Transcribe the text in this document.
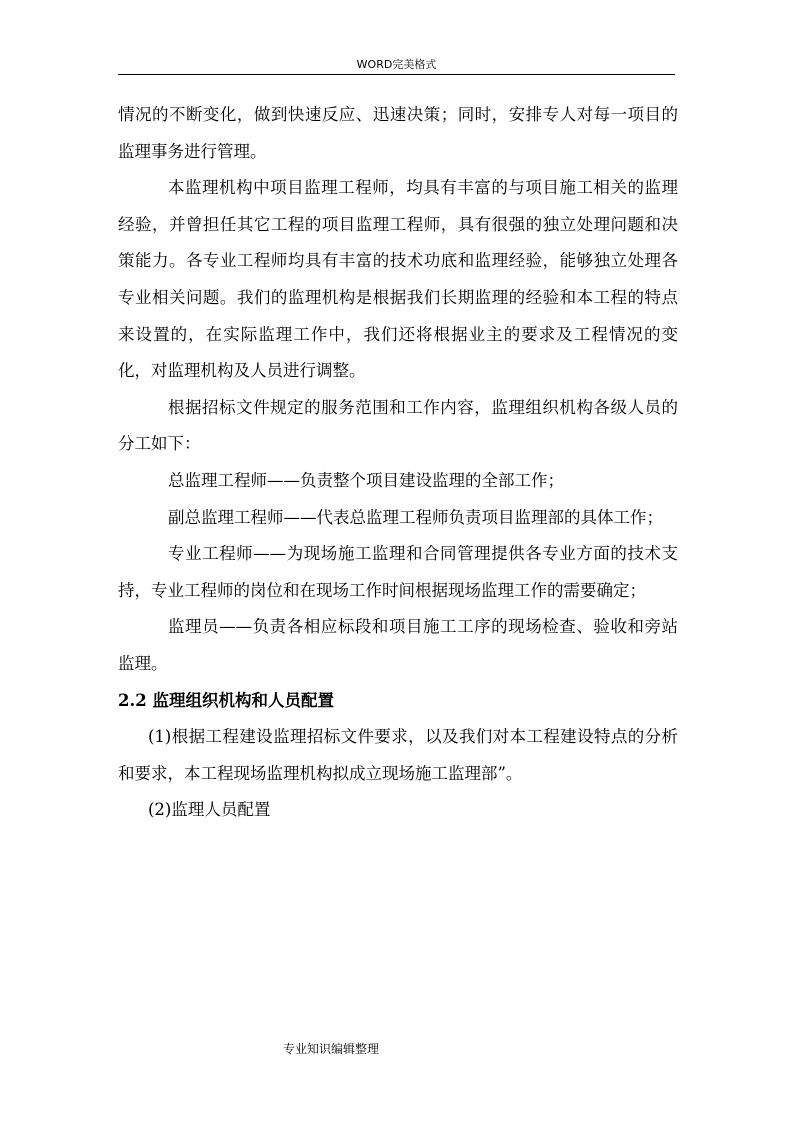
WORD完美格式

情况的不断变化，做到快速反应、迅速决策；同时，安排专人对每一项目的监理事务进行管理。

本监理机构中项目监理工程师，均具有丰富的与项目施工相关的监理经验，并曾担任其它工程的项目监理工程师，具有很强的独立处理问题和决策能力。各专业工程师均具有丰富的技术功底和监理经验，能够独立处理各专业相关问题。我们的监理机构是根据我们长期监理的经验和本工程的特点来设置的，在实际监理工作中，我们还将根据业主的要求及工程情况的变化，对监理机构及人员进行调整。

根据招标文件规定的服务范围和工作内容，监理组织机构各级人员的分工如下：

总监理工程师——负责整个项目建设监理的全部工作；

副总监理工程师——代表总监理工程师负责项目监理部的具体工作；

专业工程师——为现场施工监理和合同管理提供各专业方面的技术支持，专业工程师的岗位和在现场工作时间根据现场监理工作的需要确定；

监理员——负责各相应标段和项目施工工序的现场检查、验收和旁站监理。

2.2 监理组织机构和人员配置

(1)根据工程建设监理招标文件要求，以及我们对本工程建设特点的分析和要求，本工程现场监理机构拟成立现场施工监理部”。

(2)监理人员配置

专业知识编辑整理
